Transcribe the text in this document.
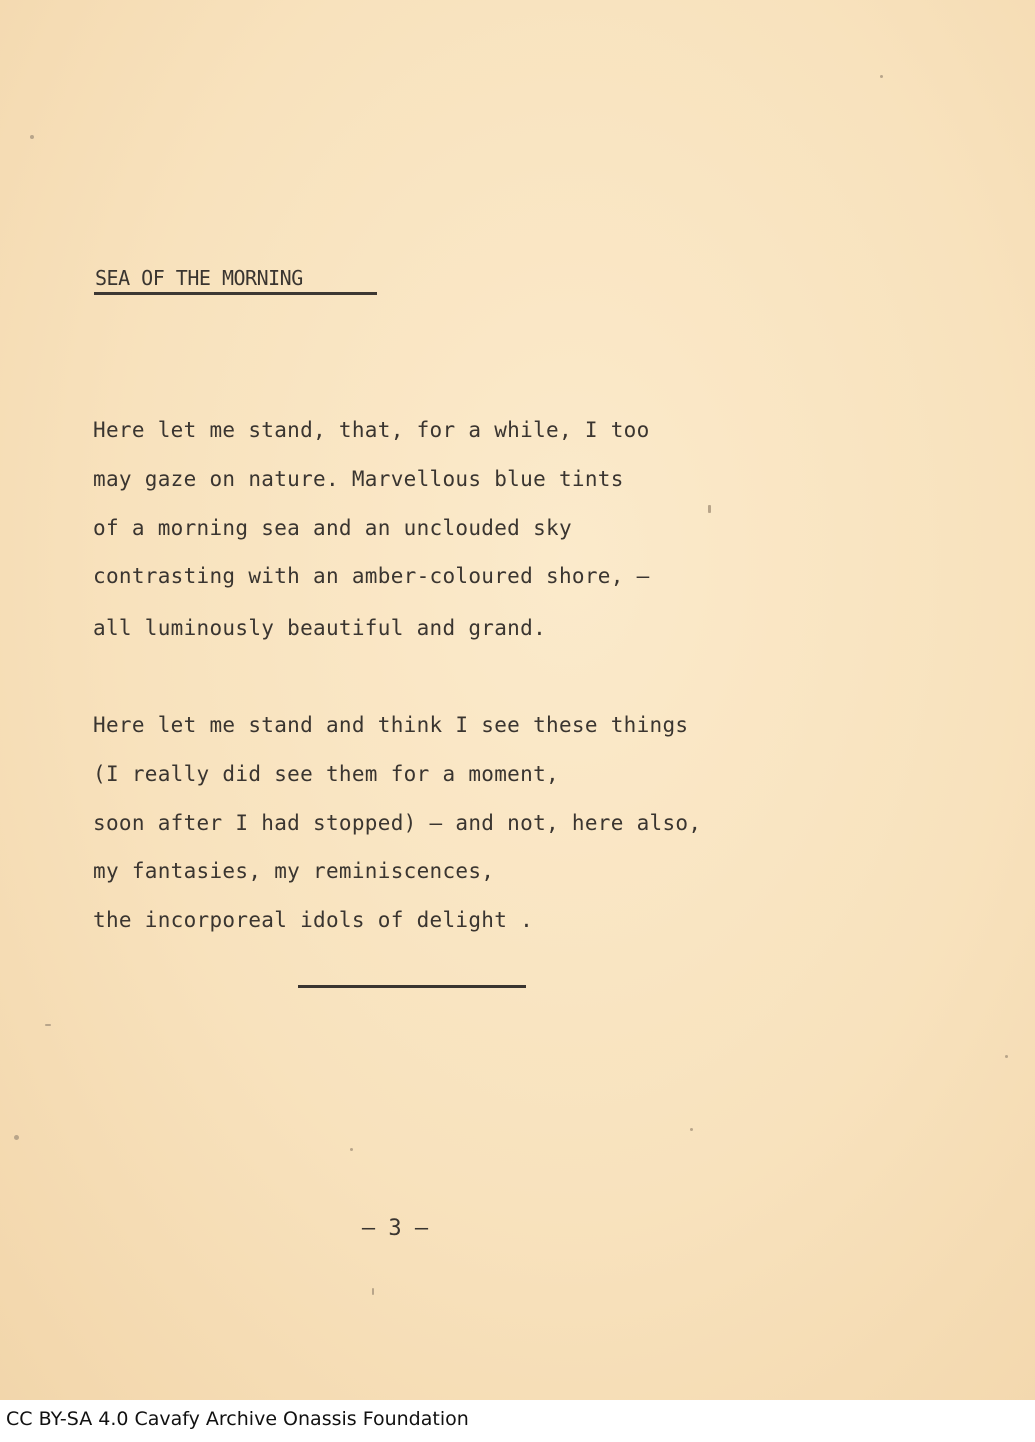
SEA OF THE MORNING
Here let me stand, that, for a while, I too
may gaze on nature. Marvellous blue tints
of a morning sea and an unclouded sky
contrasting with an amber-coloured shore, —
all luminously beautiful and grand.
Here let me stand and think I see these things
(I really did see them for a moment,
soon after I had stopped) — and not, here also,
my fantasies, my reminiscences,
the incorporeal idols of delight .
— 3 —
CC BY-SA 4.0 Cavafy Archive Onassis Foundation
